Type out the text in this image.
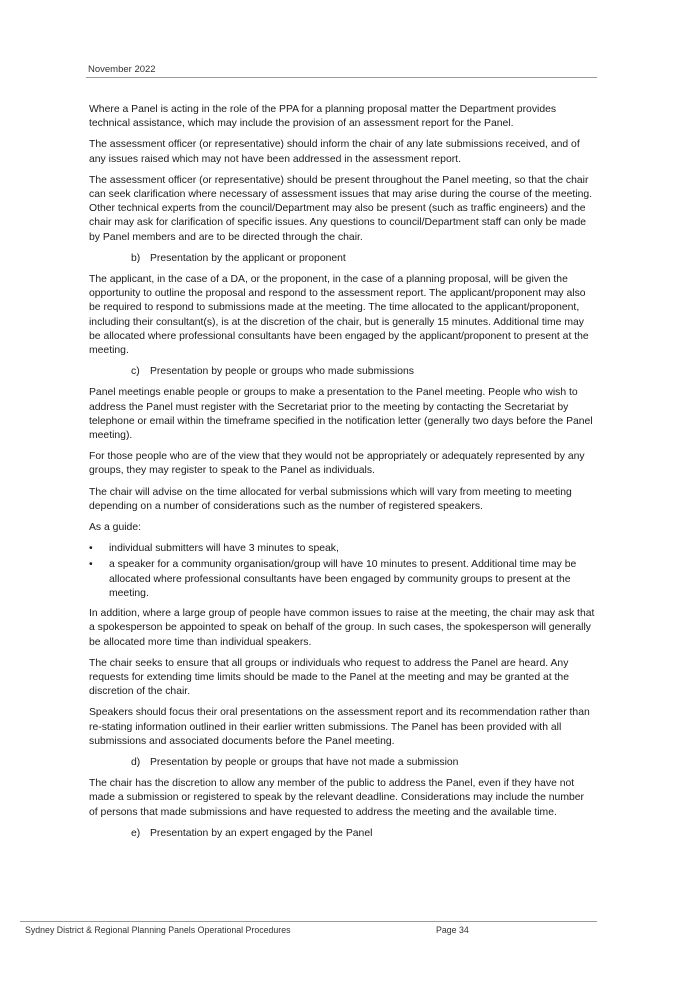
November 2022

Where a Panel is acting in the role of the PPA for a planning proposal matter the Department provides technical assistance, which may include the provision of an assessment report for the Panel.

The assessment officer (or representative) should inform the chair of any late submissions received, and of any issues raised which may not have been addressed in the assessment report.

The assessment officer (or representative) should be present throughout the Panel meeting, so that the chair can seek clarification where necessary of assessment issues that may arise during the course of the meeting. Other technical experts from the council/Department may also be present (such as traffic engineers) and the chair may ask for clarification of specific issues. Any questions to council/Department staff can only be made by Panel members and are to be directed through the chair.

b) Presentation by the applicant or proponent

The applicant, in the case of a DA, or the proponent, in the case of a planning proposal, will be given the opportunity to outline the proposal and respond to the assessment report. The applicant/proponent may also be required to respond to submissions made at the meeting. The time allocated to the applicant/proponent, including their consultant(s), is at the discretion of the chair, but is generally 15 minutes. Additional time may be allocated where professional consultants have been engaged by the applicant/proponent to present at the meeting.

c) Presentation by people or groups who made submissions

Panel meetings enable people or groups to make a presentation to the Panel meeting. People who wish to address the Panel must register with the Secretariat prior to the meeting by contacting the Secretariat by telephone or email within the timeframe specified in the notification letter (generally two days before the Panel meeting).

For those people who are of the view that they would not be appropriately or adequately represented by any groups, they may register to speak to the Panel as individuals.

The chair will advise on the time allocated for verbal submissions which will vary from meeting to meeting depending on a number of considerations such as the number of registered speakers.

As a guide:

• individual submitters will have 3 minutes to speak,
• a speaker for a community organisation/group will have 10 minutes to present. Additional time may be allocated where professional consultants have been engaged by community groups to present at the meeting.

In addition, where a large group of people have common issues to raise at the meeting, the chair may ask that a spokesperson be appointed to speak on behalf of the group. In such cases, the spokesperson will generally be allocated more time than individual speakers.

The chair seeks to ensure that all groups or individuals who request to address the Panel are heard. Any requests for extending time limits should be made to the Panel at the meeting and may be granted at the discretion of the chair.

Speakers should focus their oral presentations on the assessment report and its recommendation rather than re-stating information outlined in their earlier written submissions. The Panel has been provided with all submissions and associated documents before the Panel meeting.

d) Presentation by people or groups that have not made a submission

The chair has the discretion to allow any member of the public to address the Panel, even if they have not made a submission or registered to speak by the relevant deadline. Considerations may include the number of persons that made submissions and have requested to address the meeting and the available time.

e) Presentation by an expert engaged by the Panel
Sydney District & Regional Planning Panels Operational Procedures	Page 34
